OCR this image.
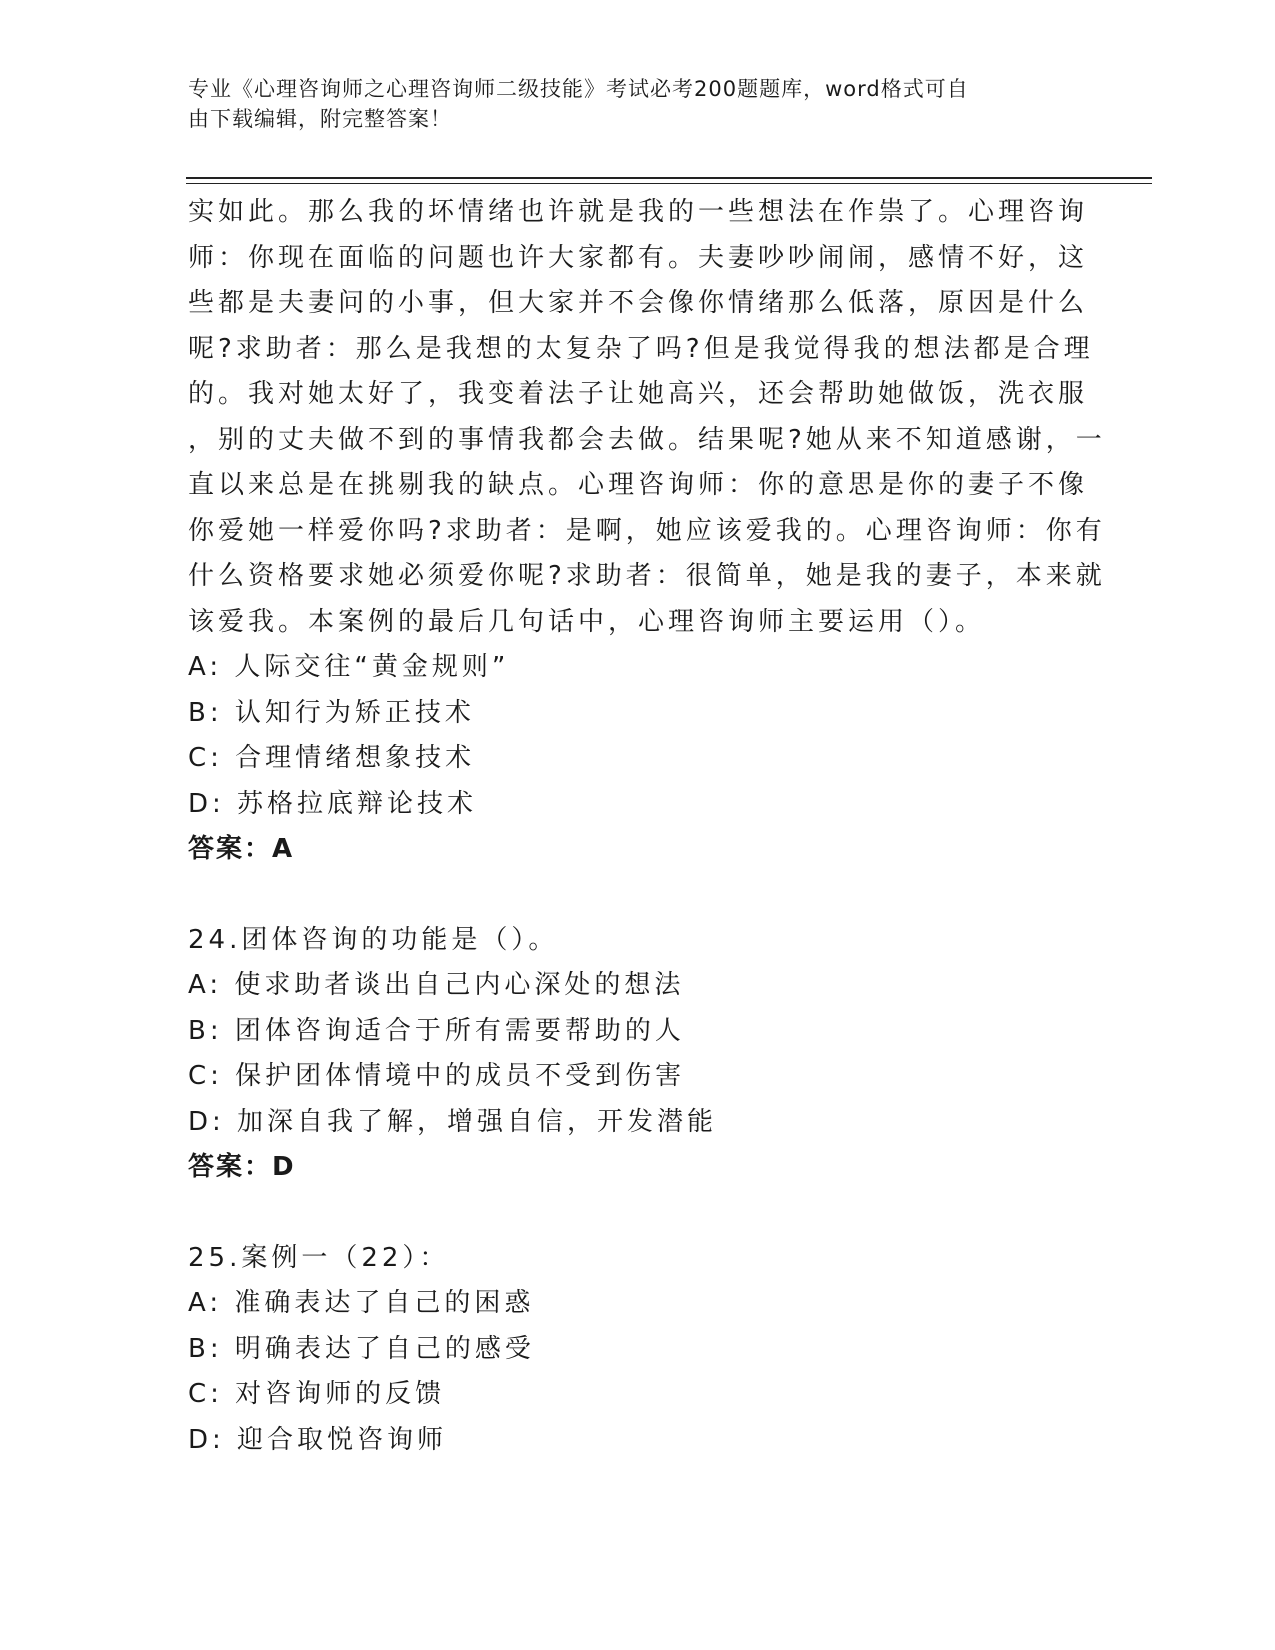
专业《心理咨询师之心理咨询师二级技能》考试必考200题题库，word格式可自
由下载编辑，附完整答案！
实如此。那么我的坏情绪也许就是我的一些想法在作祟了。心理咨询
师：你现在面临的问题也许大家都有。夫妻吵吵闹闹，感情不好，这
些都是夫妻问的小事，但大家并不会像你情绪那么低落，原因是什么
呢?求助者：那么是我想的太复杂了吗?但是我觉得我的想法都是合理
的。我对她太好了，我变着法子让她高兴，还会帮助她做饭，洗衣服
，别的丈夫做不到的事情我都会去做。结果呢?她从来不知道感谢，一
直以来总是在挑剔我的缺点。心理咨询师：你的意思是你的妻子不像
你爱她一样爱你吗?求助者：是啊，她应该爱我的。心理咨询师：你有
什么资格要求她必须爱你呢?求助者：很简单，她是我的妻子，本来就
该爱我。本案例的最后几句话中，心理咨询师主要运用（）。
A: 人际交往“黄金规则”
B: 认知行为矫正技术
C: 合理情绪想象技术
D: 苏格拉底辩论技术
答案：A
24.团体咨询的功能是（）。
A: 使求助者谈出自己内心深处的想法
B: 团体咨询适合于所有需要帮助的人
C: 保护团体情境中的成员不受到伤害
D: 加深自我了解，增强自信，开发潜能
答案：D
25.案例一（22）：
A: 准确表达了自己的困惑
B: 明确表达了自己的感受
C: 对咨询师的反馈
D: 迎合取悦咨询师
